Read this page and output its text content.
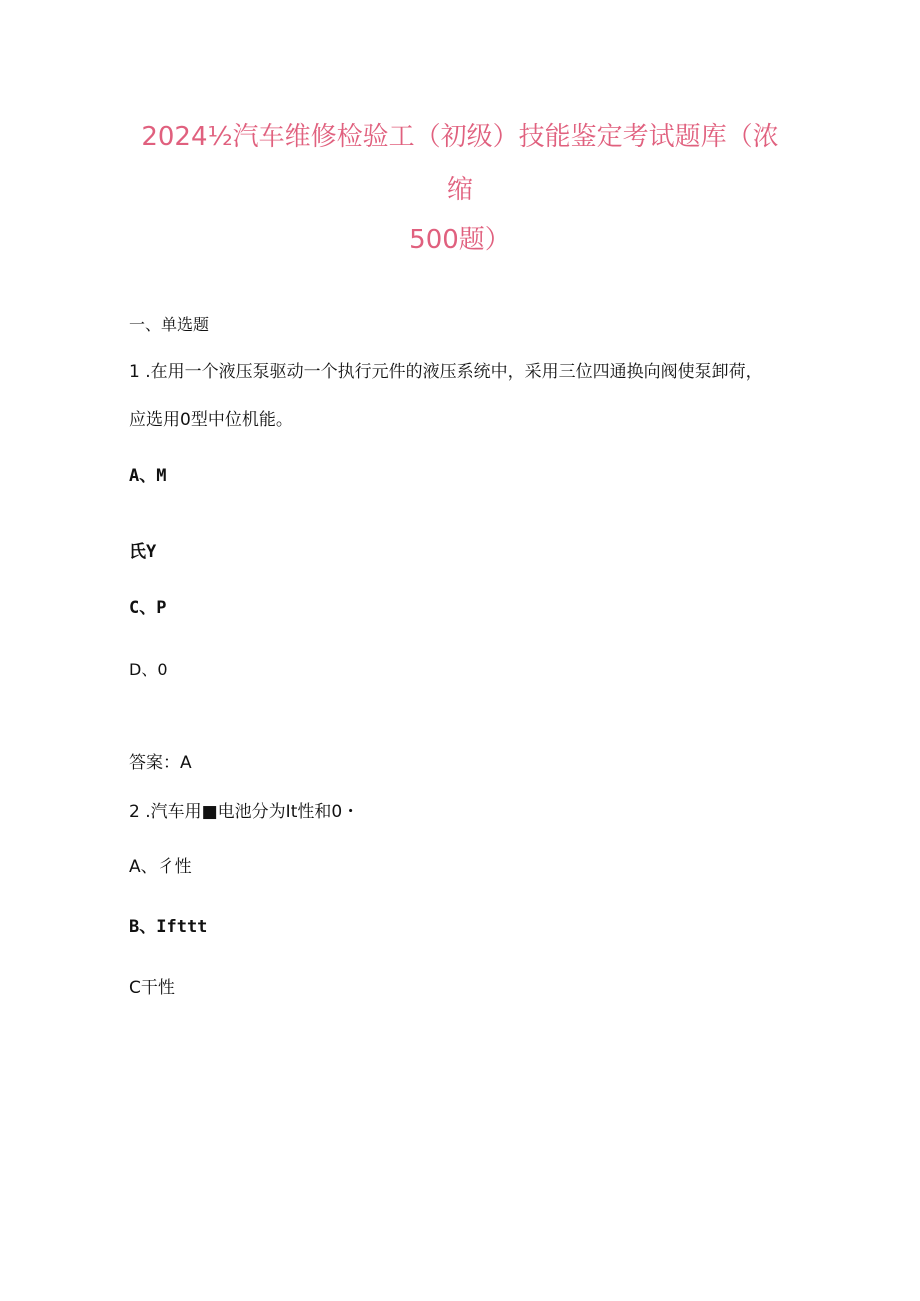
2024½汽车维修检验工（初级）技能鉴定考试题库（浓
缩
500题）
一、单选题
1 .在用一个液压泵驱动一个执行元件的液压系统中，采用三位四通换向阀使泵卸荷，
应选用0型中位机能。
A、M
氏Y
C、P
D、0
答案：A
2 .汽车用■电池分为It性和0・
A、彳性
B、Ifttt
C干性
